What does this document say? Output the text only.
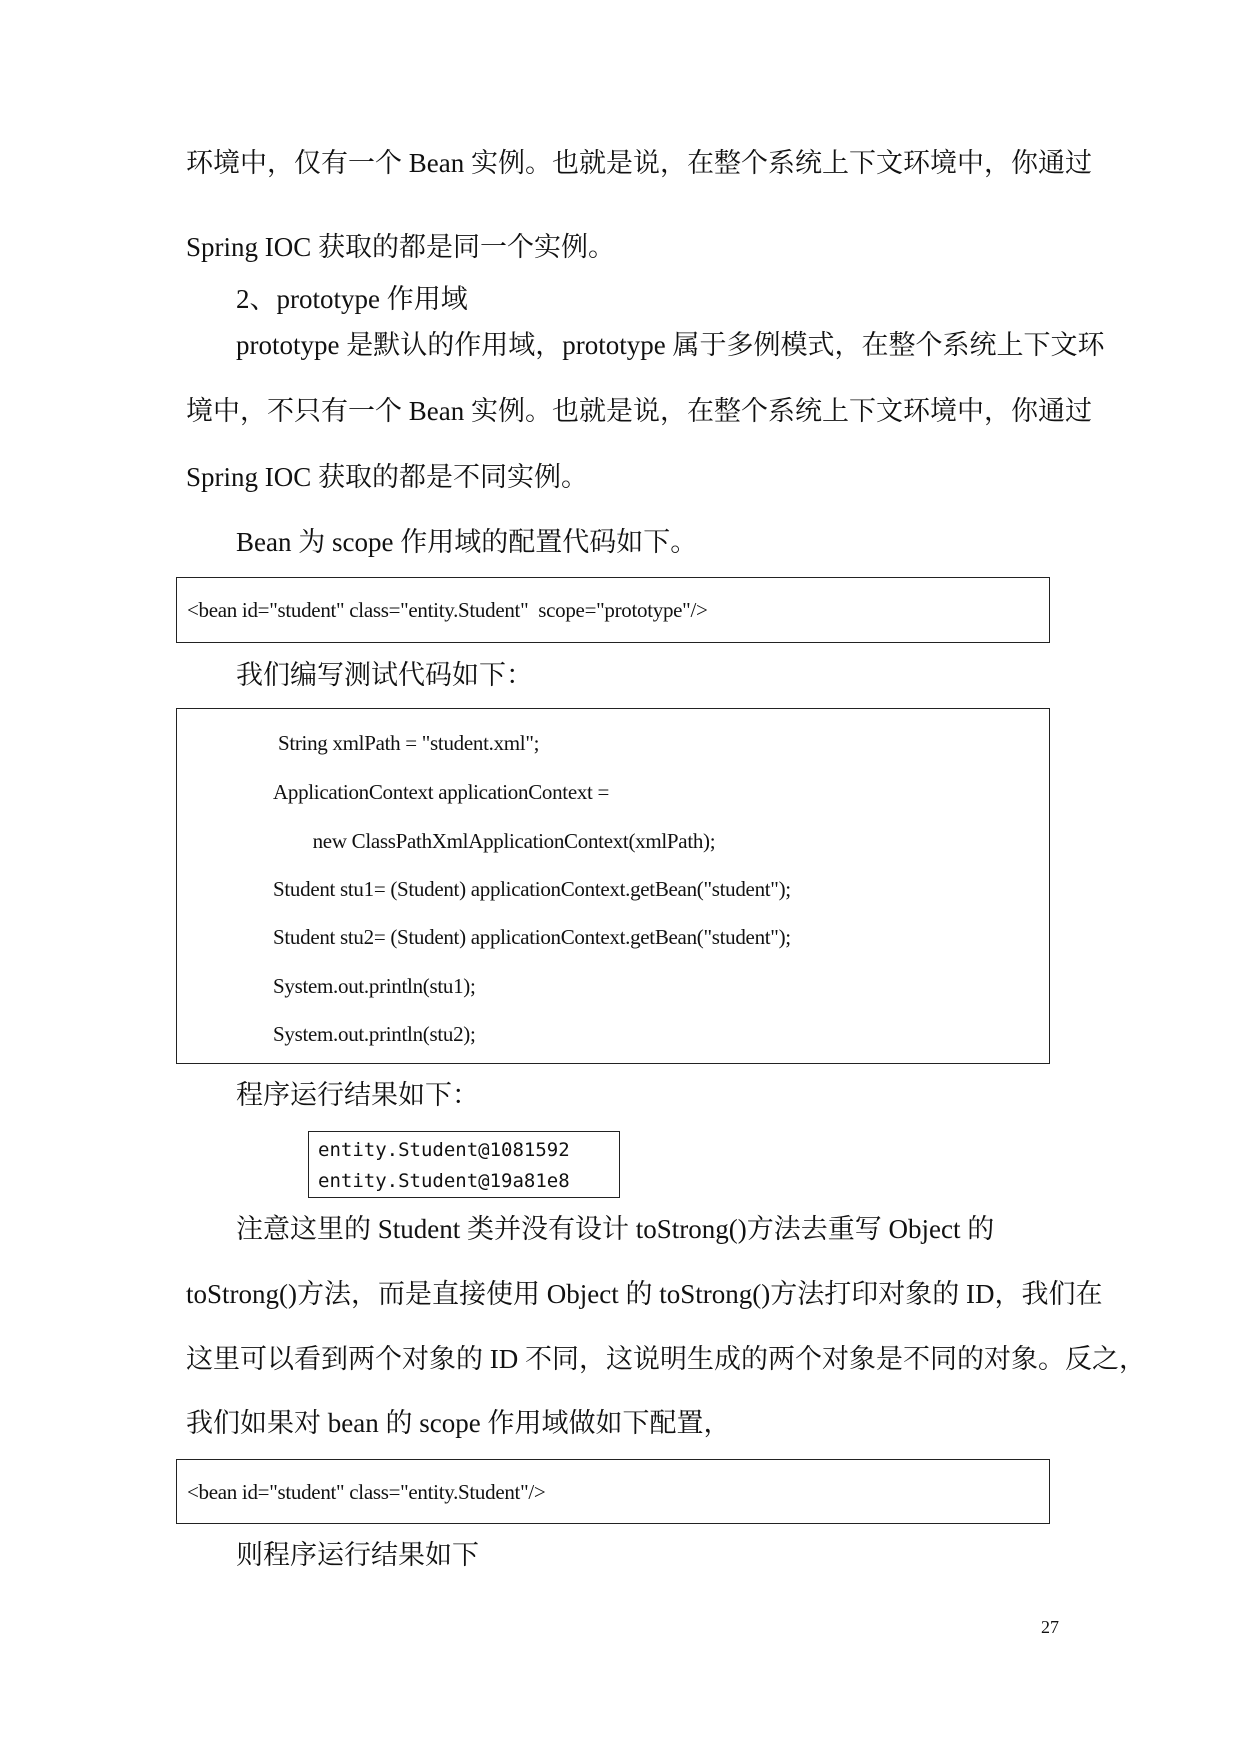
环境中，仅有一个 Bean 实例。也就是说，在整个系统上下文环境中，你通过
Spring IOC 获取的都是同一个实例。
2、prototype 作用域
prototype 是默认的作用域，prototype 属于多例模式，在整个系统上下文环
境中，不只有一个 Bean 实例。也就是说，在整个系统上下文环境中，你通过
Spring IOC 获取的都是不同实例。
Bean 为 scope 作用域的配置代码如下。
<bean id="student" class="entity.Student"  scope="prototype"/>
我们编写测试代码如下：
String xmlPath = "student.xml";
ApplicationContext applicationContext =
new ClassPathXmlApplicationContext(xmlPath);
Student stu1= (Student) applicationContext.getBean("student");
Student stu2= (Student) applicationContext.getBean("student");
System.out.println(stu1);
System.out.println(stu2);
程序运行结果如下：
entity.Student@1081592
entity.Student@19a81e8
注意这里的 Student 类并没有设计 toStrong()方法去重写 Object 的
toStrong()方法，而是直接使用 Object 的 toStrong()方法打印对象的 ID，我们在
这里可以看到两个对象的 ID 不同，这说明生成的两个对象是不同的对象。反之，
我们如果对 bean 的 scope 作用域做如下配置，
<bean id="student" class="entity.Student"/>
则程序运行结果如下
27
